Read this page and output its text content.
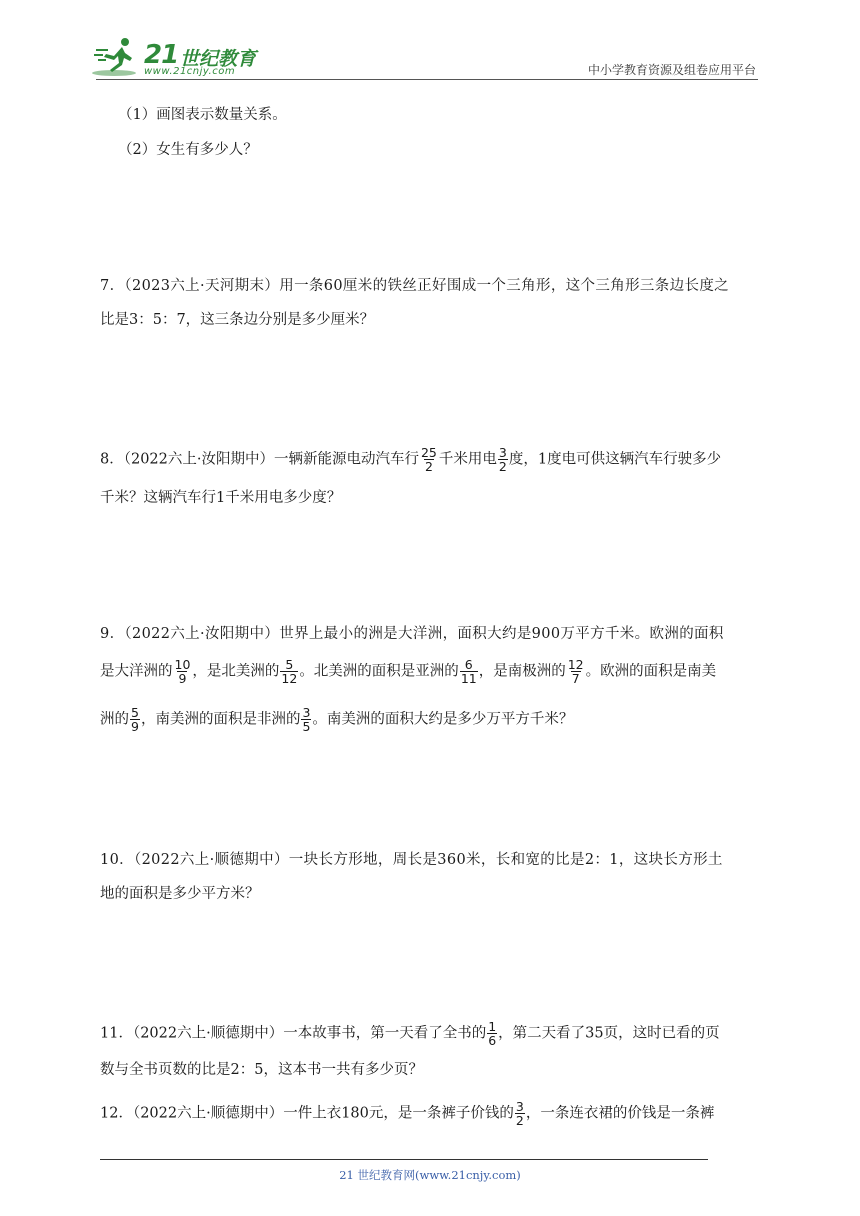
21 世纪教育
www.21cnjy.com	中小学教育资源及组卷应用平台
（1）画图表示数量关系。
（2）女生有多少人？
7．（2023六上·天河期末）用一条60厘米的铁丝正好围成一个三角形，这个三角形三条边长度之
比是3：5：7，这三条边分别是多少厘米？
8．（2022六上·汝阳期中）一辆新能源电动汽车行 $\frac{25}{2}$ 千米用电 $\frac{3}{2}$ 度，1度电可供这辆汽车行驶多少
千米？这辆汽车行1千米用电多少度？
9．（2022六上·汝阳期中）世界上最小的洲是大洋洲，面积大约是900万平方千米。欧洲的面积
是大洋洲的 $\frac{10}{9}$ ，是北美洲的 $\frac{5}{12}$ 。北美洲的面积是亚洲的 $\frac{6}{11}$ ，是南极洲的 $\frac{12}{7}$ 。欧洲的面积是南美
洲的 $\frac{5}{9}$ ，南美洲的面积是非洲的 $\frac{3}{5}$ 。南美洲的面积大约是多少万平方千米？
10．（2022六上·顺德期中）一块长方形地，周长是360米，长和宽的比是2：1，这块长方形土
地的面积是多少平方米？
11．（2022六上·顺德期中）一本故事书，第一天看了全书的 $\frac{1}{6}$ ，第二天看了35页，这时已看的页
数与全书页数的比是2：5，这本书一共有多少页？
12．（2022六上·顺德期中）一件上衣180元，是一条裤子价钱的 $\frac{3}{2}$ ，一条连衣裙的价钱是一条裤
21 世纪教育网(www.21cnjy.com)
